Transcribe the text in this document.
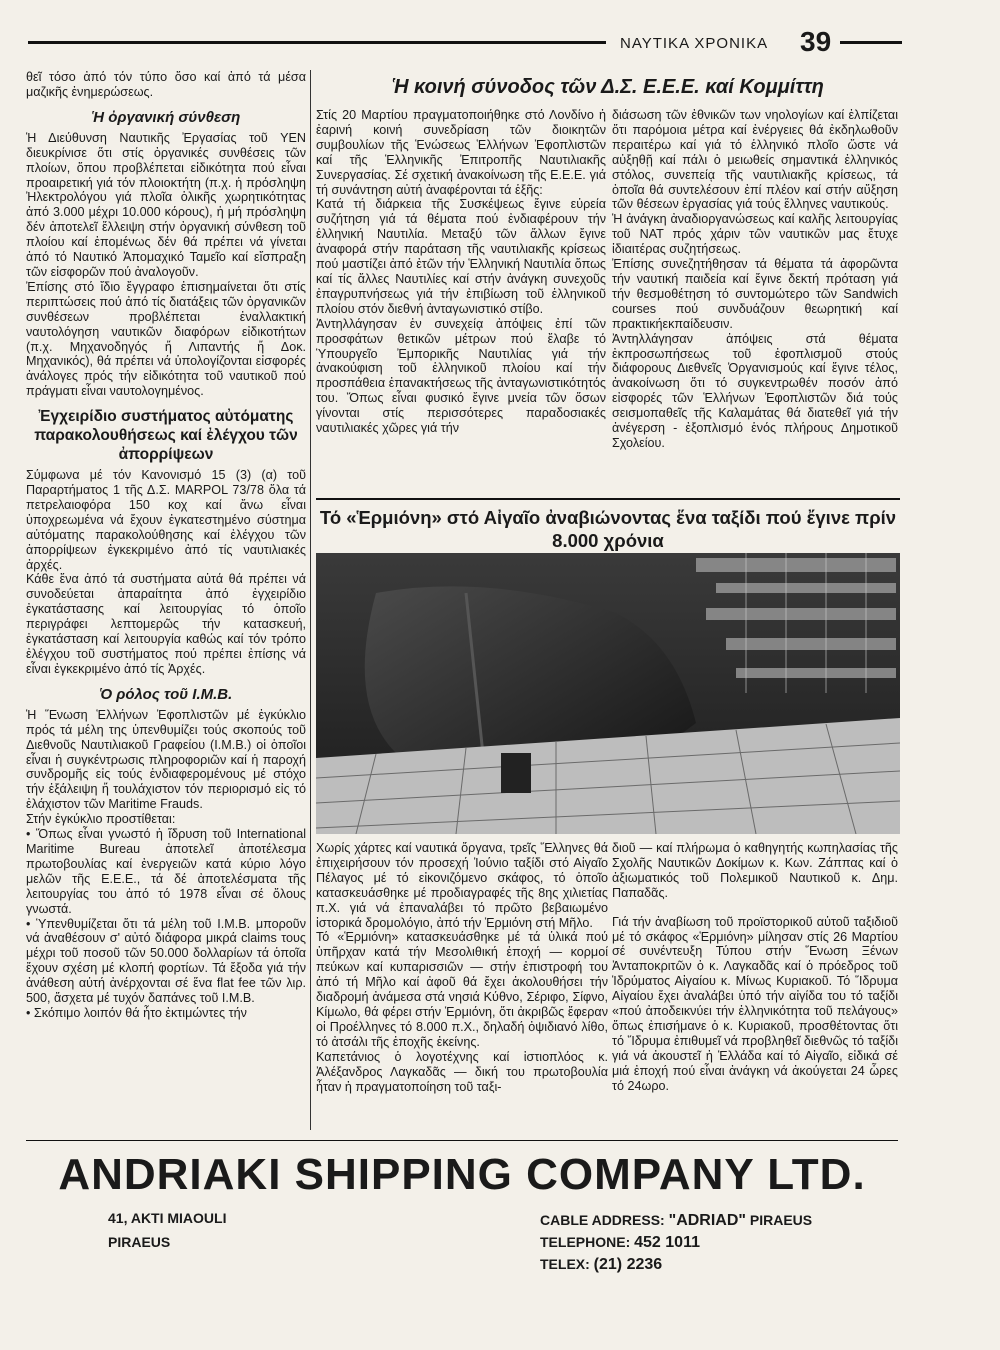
ΝΑΥΤΙΚΑ ΧΡΟΝΙΚΑ 39

θεῖ τόσο ἀπό τόν τύπο ὅσο καί ἀπό τά μέσα μαζικῆς ἐνημερώσεως.

Ἡ ὀργανική σύνθεση

Ἡ Διεύθυνση Ναυτικῆς Ἐργασίας τοῦ ΥΕΝ διευκρίνισε ὅτι στίς ὀργανικές συνθέσεις τῶν πλοίων, ὅπου προβλέπεται εἰδικότητα πού εἶναι προαιρετική γιά τόν πλοιοκτήτη (π.χ. ἡ πρόσληψη Ἠλεκτρολόγου γιά πλοῖα ὁλικῆς χωρητικότητας ἀπό 3.000 μέχρι 10.000 κόρους), ἡ μή πρόσληψη δέν ἀποτελεῖ ἔλλειψη στήν ὀργανική σύνθεση τοῦ πλοίου καί ἑπομένως δέν θά πρέπει νά γίνεται ἀπό τό Ναυτικό Ἀπομαχικό Ταμεῖο καί εἴσπραξη τῶν εἰσφορῶν πού ἀναλογοῦν.

Ἐπίσης στό ἴδιο ἔγγραφο ἐπισημαίνεται ὅτι στίς περιπτώσεις πού ἀπό τίς διατάξεις τῶν ὀργανικῶν συνθέσεων προβλέπεται ἐναλλακτική ναυτολόγηση ναυτικῶν διαφόρων εἰδικοτήτων (π.χ. Μηχανοδηγός ἤ Λιπαντής ἤ Δοκ. Μηχανικός), θά πρέπει νά ὑπολογίζονται εἰσφορές ἀνάλογες πρός τήν εἰδικότητα τοῦ ναυτικοῦ πού πράγματι εἶναι ναυτολογημένος.

Ἐγχειρίδιο συστήματος αὐτόματης παρακολουθήσεως καί ἐλέγχου τῶν ἀπορρίψεων

Σύμφωνα μέ τόν Κανονισμό 15 (3) (α) τοῦ Παραρτήματος 1 τῆς Δ.Σ. MARPOL 73/78 ὅλα τά πετρελαιοφόρα 150 κοχ καί ἄνω εἶναι ὑποχρεωμένα νά ἔχουν ἐγκατεστημένο σύστημα αὐτόματης παρακολούθησης καί ἐλέγχου τῶν ἀπορρίψεων ἐγκεκριμένο ἀπό τίς ναυτιλιακές ἀρχές.

Κάθε ἕνα ἀπό τά συστήματα αὐτά θά πρέπει νά συνοδεύεται ἀπαραίτητα ἀπό ἐγχειρίδιο ἐγκατάστασης καί λειτουργίας τό ὁποῖο περιγράφει λεπτομερῶς τήν κατασκευή, ἐγκατάσταση καί λειτουργία καθώς καί τόν τρόπο ἐλέγχου τοῦ συστήματος πού πρέπει ἐπίσης νά εἶναι ἐγκεκριμένο ἀπό τίς Ἀρχές.

Ὁ ρόλος τοῦ Ι.Μ.Β.

Ἡ Ἕνωση Ἑλλήνων Ἐφοπλιστῶν μέ ἐγκύκλιο πρός τά μέλη της ὑπενθυμίζει τούς σκοπούς τοῦ Διεθνοῦς Ναυτιλιακοῦ Γραφείου (Ι.Μ.Β.) οἱ ὁποῖοι εἶναι ἡ συγκέντρωσις πληροφοριῶν καί ἡ παροχή συνδρομῆς εἰς τούς ἐνδιαφερομένους μέ στόχο τήν ἐξάλειψη ἤ τουλάχιστον τόν περιορισμό εἰς τό ἐλάχιστον τῶν Maritime Frauds.

Στήν ἐγκύκλιο προστίθεται:

• Ὅπως εἶναι γνωστό ἡ ἵδρυση τοῦ International Maritime Bureau ἀποτελεῖ ἀποτέλεσμα πρωτοβουλίας καί ἐνεργειῶν κατά κύριο λόγο μελῶν τῆς Ε.Ε.Ε., τά δέ ἀποτελέσματα τῆς λειτουργίας του ἀπό τό 1978 εἶναι σέ ὅλους γνωστά.

• Ὑπενθυμίζεται ὅτι τά μέλη τοῦ Ι.Μ.Β. μποροῦν νά ἀναθέσουν σ' αὐτό διάφορα μικρά claims τους μέχρι τοῦ ποσοῦ τῶν 50.000 δολλαρίων τά ὁποῖα ἔχουν σχέση μέ κλοπή φορτίων. Τά ἔξοδα γιά τήν ἀνάθεση αὐτή ἀνέρχονται σέ ἕνα flat fee τῶν λιρ. 500, ἄσχετα μέ τυχόν δαπάνες τοῦ Ι.Μ.Β.

• Σκόπιμο λοιπόν θά ἦτο ἐκτιμώντες τήν

Ἡ κοινή σύνοδος τῶν Δ.Σ. Ε.Ε.Ε. καί Κομμίττη

Στίς 20 Μαρτίου πραγματοποιήθηκε στό Λονδίνο ἡ ἐαρινή κοινή συνεδρίαση τῶν διοικητῶν συμβουλίων τῆς Ἑνώσεως Ἑλλήνων Ἐφοπλιστῶν καί τῆς Ἑλληνικῆς Ἐπιτροπῆς Ναυτιλιακῆς Συνεργασίας. Σέ σχετική ἀνακοίνωση τῆς Ε.Ε.Ε. γιά τή συνάντηση αὐτή ἀναφέρονται τά ἑξῆς:

Κατά τή διάρκεια τῆς Συσκέψεως ἔγινε εὐρεία συζήτηση γιά τά θέματα πού ἐνδιαφέρουν τήν ἑλληνική Ναυτιλία. Μεταξύ τῶν ἄλλων ἔγινε ἀναφορά στήν παράταση τῆς ναυτιλιακῆς κρίσεως πού μαστίζει ἀπό ἐτῶν τήν Ἑλληνική Ναυτιλία ὅπως καί τίς ἄλλες Ναυτιλίες καί στήν ἀνάγκη συνεχοῦς ἐπαγρυπνήσεως γιά τήν ἐπιβίωση τοῦ ἑλληνικοῦ πλοίου στόν διεθνή ἀνταγωνιστικό στίβο.

Ἀντηλλάγησαν ἐν συνεχείᾳ ἀπόψεις ἐπί τῶν προσφάτων θετικῶν μέτρων πού ἔλαβε τό Ὑπουργεῖο Ἐμπορικῆς Ναυτιλίας γιά τήν ἀνακούφιση τοῦ ἑλληνικοῦ πλοίου καί τήν προσπάθεια ἐπανακτήσεως τῆς ἀνταγωνιστικότητός του. Ὅπως εἶναι φυσικό ἔγινε μνεία τῶν ὅσων γίνονται στίς περισσότερες παραδοσιακές ναυτιλιακές χῶρες γιά τήν

διάσωση τῶν ἐθνικῶν των νηολογίων καί ἐλπίζεται ὅτι παρόμοια μέτρα καί ἐνέργειες θά ἐκδηλωθοῦν περαιτέρω καί γιά τό ἑλληνικό πλοῖο ὥστε νά αὐξηθῇ καί πάλι ὁ μειωθείς σημαντικά ἑλληνικός στόλος, συνεπείᾳ τῆς ναυτιλιακῆς κρίσεως, τά ὁποῖα θά συντελέσουν ἐπί πλέον καί στήν αὔξηση τῶν θέσεων ἐργασίας γιά τούς ἕλληνες ναυτικούς.

Ἡ ἀνάγκη ἀναδιοργανώσεως καί καλῆς λειτουργίας τοῦ ΝΑΤ πρός χάριν τῶν ναυτικῶν μας ἔτυχε ἰδιαιτέρας συζητήσεως.

Ἐπίσης συνεζητήθησαν τά θέματα τά ἀφορῶντα τήν ναυτική παιδεία καί ἔγινε δεκτή πρόταση γιά τήν θεσμοθέτηση τό συντομώτερο τῶν Sandwich courses πού συνδυάζουν θεωρητική καί πρακτικήεκπαίδευσιν.

Ἀντηλλάγησαν ἀπόψεις στά θέματα ἐκπροσωπήσεως τοῦ ἐφοπλισμοῦ στούς διάφορους Διεθνεῖς Ὀργανισμούς καί ἔγινε τέλος, ἀνακοίνωση ὅτι τό συγκεντρωθέν ποσόν ἀπό εἰσφορές τῶν Ἑλλήνων Ἐφοπλιστῶν διά τούς σεισμοπαθεῖς τῆς Καλαμάτας θά διατεθεῖ γιά τήν ἀνέγερση - ἐξοπλισμό ἑνός πλήρους Δημοτικοῦ Σχολείου.

Τό «Ἑρμιόνη» στό Αἰγαῖο ἀναβιώνοντας ἕνα ταξίδι πού ἔγινε πρίν 8.000 χρόνια

Χωρίς χάρτες καί ναυτικά ὄργανα, τρεῖς Ἕλληνες θά ἐπιχειρήσουν τόν προσεχή Ἰούνιο ταξίδι στό Αἰγαῖο Πέλαγος μέ τό εἰκονιζόμενο σκάφος, τό ὁποῖο κατασκευάσθηκε μέ προδιαγραφές τῆς 8ης χιλιετίας π.Χ. γιά νά ἐπαναλάβει τό πρῶτο βεβαιωμένο ἱστορικά δρομολόγιο, ἀπό τήν Ἑρμιόνη στή Μῆλο.

Τό «Ἑρμιόνη» κατασκευάσθηκε μέ τά ὑλικά πού ὑπῆρχαν κατά τήν Μεσολιθική ἐποχή — κορμοί πεύκων καί κυπαρισσιῶν — στήν ἐπιστροφή του ἀπό τή Μῆλο καί ἀφοῦ θά ἔχει ἀκολουθήσει τήν διαδρομή ἀνάμεσα στά νησιά Κύθνο, Σέριφο, Σίφνο, Κίμωλο, θά φέρει στήν Ἑρμιόνη, ὅτι ἀκριβῶς ἔφεραν οἱ Προέλληνες τό 8.000 π.Χ., δηλαδή ὀψιδιανό λίθο, τό ἀτσάλι τῆς ἐποχῆς ἐκείνης.

Καπετάνιος ὁ λογοτέχνης καί ἱστιοπλόος κ. Ἀλέξανδρος Λαγκαδᾶς — δική του πρωτοβουλία ἦταν ἡ πραγματοποίηση τοῦ ταξι-

διοῦ — καί πλήρωμα ὁ καθηγητής κωπηλασίας τῆς Σχολῆς Ναυτικῶν Δοκίμων κ. Κων. Ζάππας καί ὁ ἀξιωματικός τοῦ Πολεμικοῦ Ναυτικοῦ κ. Δημ. Παπαδᾶς.

Γιά τήν ἀναβίωση τοῦ προϊστορικοῦ αὐτοῦ ταξιδιοῦ μέ τό σκάφος «Ἑρμιόνη» μίλησαν στίς 26 Μαρτίου σέ συνέντευξη Τύπου στήν Ἕνωση Ξένων Ἀνταποκριτῶν ὁ κ. Λαγκαδᾶς καί ὁ πρόεδρος τοῦ Ἱδρύματος Αἰγαίου κ. Μίνως Κυριακοῦ. Τό Ἵδρυμα Αἰγαίου ἔχει ἀναλάβει ὑπό τήν αἰγίδα του τό ταξίδι «πού ἀποδεικνύει τήν ἑλληνικότητα τοῦ πελάγους» ὅπως ἐπισήμανε ὁ κ. Κυριακοῦ, προσθέτοντας ὅτι τό Ἵδρυμα ἐπιθυμεῖ νά προβληθεῖ διεθνῶς τό ταξίδι γιά νά ἀκουστεῖ ἡ Ἑλλάδα καί τό Αἰγαῖο, εἰδικά σέ μιά ἐποχή πού εἶναι ἀνάγκη νά ἀκούγεται 24 ὧρες τό 24ωρο.

ANDRIAKI SHIPPING COMPANY LTD.
41, AKTI MIAOULI
PIRAEUS
CABLE ADDRESS: "ADRIAD" PIRAEUS
TELEPHONE: 452 1011
TELEX: (21) 2236
